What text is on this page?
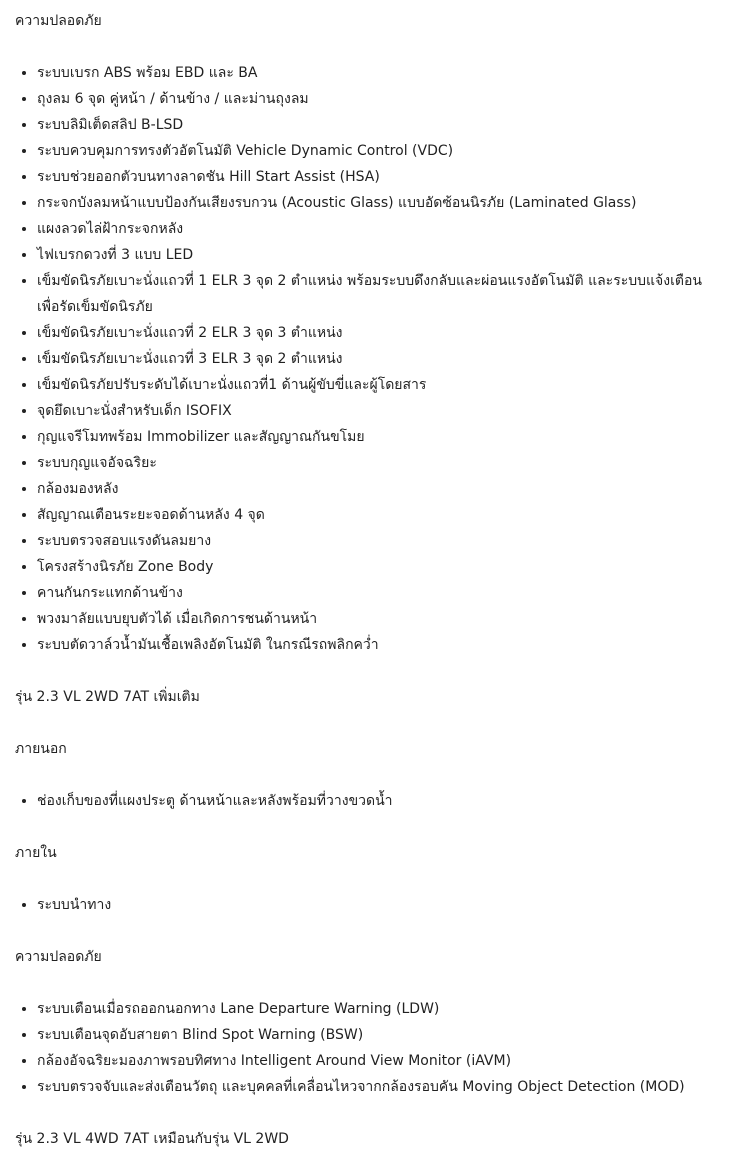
ความปลอดภัย

• ระบบเบรก ABS พร้อม EBD และ BA
• ถุงลม 6 จุด คู่หน้า / ด้านข้าง / และม่านถุงลม
• ระบบลิมิเต็ดสลิป B-LSD
• ระบบควบคุมการทรงตัวอัตโนมัติ Vehicle Dynamic Control (VDC)
• ระบบช่วยออกตัวบนทางลาดชัน Hill Start Assist (HSA)
• กระจกบังลมหน้าแบบป้องกันเสียงรบกวน (Acoustic Glass) แบบอัดซ้อนนิรภัย (Laminated Glass)
• แผงลวดไล่ฝ้ากระจกหลัง
• ไฟเบรกดวงที่ 3 แบบ LED
• เข็มขัดนิรภัยเบาะนั่งแถวที่ 1 ELR 3 จุด 2 ตำแหน่ง พร้อมระบบดึงกลับและผ่อนแรงอัตโนมัติ และระบบแจ้งเตือนเพื่อรัดเข็มขัดนิรภัย
• เข็มขัดนิรภัยเบาะนั่งแถวที่ 2 ELR 3 จุด 3 ตำแหน่ง
• เข็มขัดนิรภัยเบาะนั่งแถวที่ 3 ELR 3 จุด 2 ตำแหน่ง
• เข็มขัดนิรภัยปรับระดับได้เบาะนั่งแถวที่1 ด้านผู้ขับขี่และผู้โดยสาร
• จุดยึดเบาะนั่งสำหรับเด็ก ISOFIX
• กุญแจรีโมทพร้อม Immobilizer และสัญญาณกันขโมย
• ระบบกุญแจอัจฉริยะ
• กล้องมองหลัง
• สัญญาณเตือนระยะจอดด้านหลัง 4 จุด
• ระบบตรวจสอบแรงดันลมยาง
• โครงสร้างนิรภัย Zone Body
• คานกันกระแทกด้านข้าง
• พวงมาลัยแบบยุบตัวได้ เมื่อเกิดการชนด้านหน้า
• ระบบตัดวาล์วน้ำมันเชื้อเพลิงอัตโนมัติ ในกรณีรถพลิกคว่ำ

รุ่น 2.3 VL 2WD 7AT เพิ่มเติม

ภายนอก

• ช่องเก็บของที่แผงประตู ด้านหน้าและหลังพร้อมที่วางขวดน้ำ

ภายใน

• ระบบนำทาง

ความปลอดภัย

• ระบบเตือนเมื่อรถออกนอกทาง Lane Departure Warning (LDW)
• ระบบเตือนจุดอับสายตา Blind Spot Warning (BSW)
• กล้องอัจฉริยะมองภาพรอบทิศทาง Intelligent Around View Monitor (iAVM)
• ระบบตรวจจับและส่งเตือนวัตถุ และบุคคลที่เคลื่อนไหวจากกล้องรอบคัน Moving Object Detection (MOD)

รุ่น 2.3 VL 4WD 7AT เหมือนกับรุ่น VL 2WD
